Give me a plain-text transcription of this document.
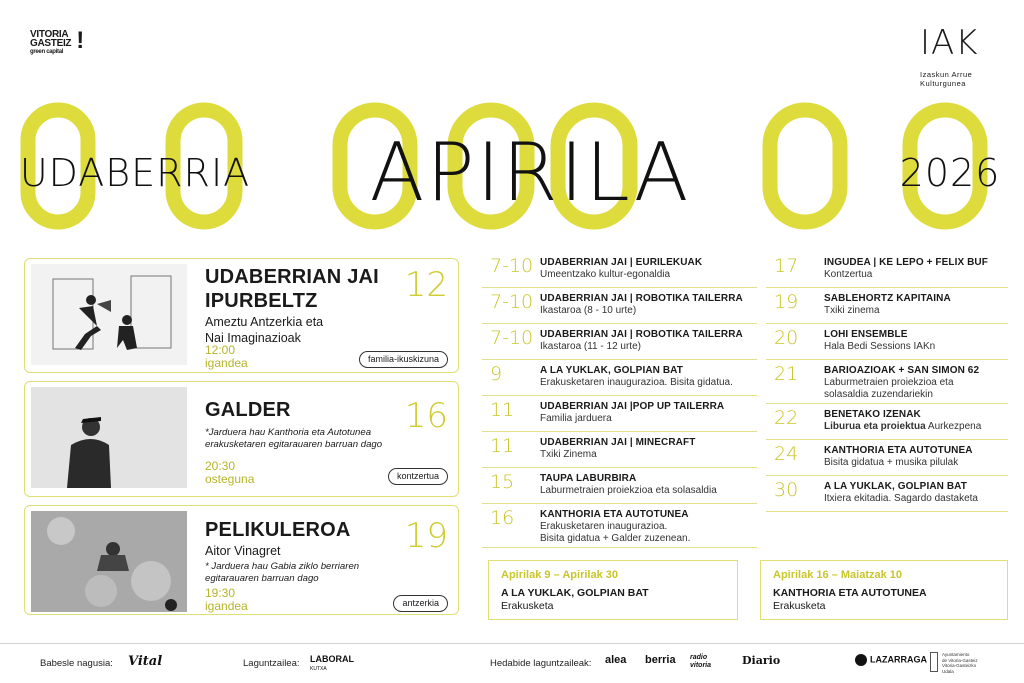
VITORIA
GASTEIZ
green capital !	IAK
Izaskun Arrue
Kulturgunea
UDABERRIA APIRILA	2026
UDABERRIAN JAI
IPURBELTZ
Ameztu Antzerkia eta
Nai Imaginazioak
12:00
igandea
12
familia-ikuskizuna
GALDER
*Jarduera hau Kanthoria eta Autotunea
erakusketaren egitarauaren barruan dago
20:30
osteguna
16
kontzertua
PELIKULEROA
Aitor Vinagret
* Jarduera hau Gabia ziklo berriaren
egitarauaren barruan dago
19:30
igandea
19
antzerkia
7-10 UDABERRIAN JAI | EURILEKUAK
Umeentzako kultur-egonaldia
7-10 UDABERRIAN JAI | ROBOTIKA TAILERRA
Ikastaroa (8 - 10 urte)
7-10 UDABERRIAN JAI | ROBOTIKA TAILERRA
Ikastaroa (11 - 12 urte)
9	A LA YUKLAK, GOLPIAN BAT
Erakusketaren inaugurazioa. Bisita gidatua.
11	UDABERRIAN JAI |POP UP TAILERRA
Familia jarduera
11	UDABERRIAN JAI | MINECRAFT
Txiki Zinema
15	TAUPA LABURBIRA
Laburmetraien proiekzioa eta solasaldia
16	KANTHORIA ETA AUTOTUNEA
Erakusketaren inaugurazioa.
Bisita gidatua + Galder zuzenean.
17	INGUDEA | KE LEPO + FELIX BUF
Kontzertua
19	SABLEHORTZ KAPITAINA
Txiki zinema
20	LOHI ENSEMBLE
Hala Bedi Sessions IAKn
21	BARIOAZIOAK + SAN SIMON 62
Laburmetraien proiekzioa eta
solasaldia zuzendariekin
22	BENETAKO IZENAK
Liburua eta proiektua Aurkezpena
24	KANTHORIA ETA AUTOTUNEA
Bisita gidatua + musika pilulak
30	A LA YUKLAK, GOLPIAN BAT
Itxiera ekitadia. Sagardo dastaketa
Apirilak 9 – Apirilak 30
A LA YUKLAK, GOLPIAN BAT
Erakusketa
Apirilak 16 – Maiatzak 10
KANTHORIA ETA AUTOTUNEA
Erakusketa
Babesle nagusia: Vital	Laguntzailea: LABORAL
KUTXA	Hedabide laguntzaileak: alea berria radio
vitoria	Diario	LAZARRAGA	Ayuntamiento
de Vitoria-Gasteiz
Vitoria-Gasteizko
Udala
